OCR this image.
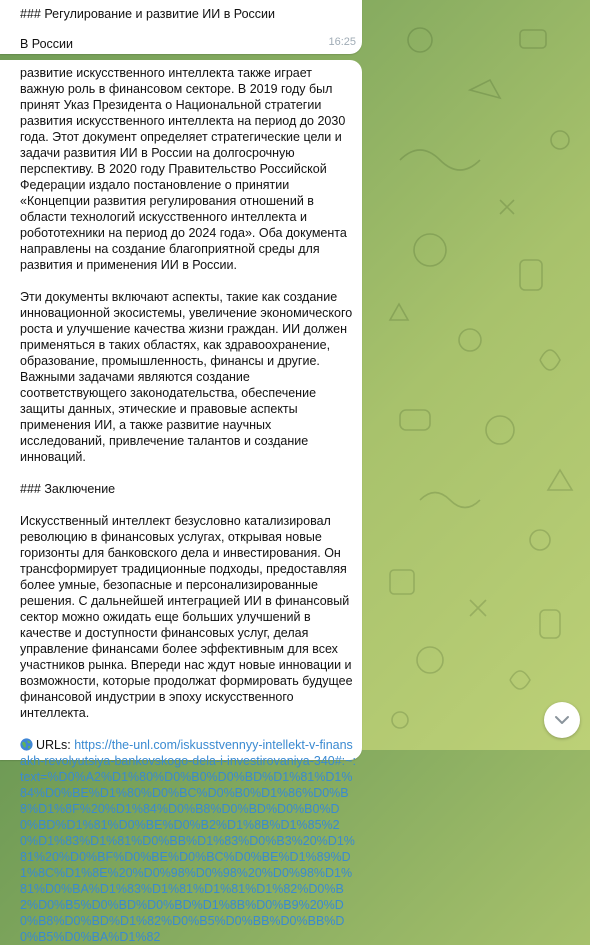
### Регулирование и развитие ИИ в России
В России	16:25

развитие искусственного интеллекта также играет важную роль в финансовом секторе. В 2019 году был принят Указ Президента о Национальной стратегии развития искусственного интеллекта на период до 2030 года. Этот документ определяет стратегические цели и задачи развития ИИ в России на долгосрочную перспективу. В 2020 году Правительство Российской Федерации издало постановление о принятии «Концепции развития регулирования отношений в области технологий искусственного интеллекта и робототехники на период до 2024 года». Оба документа направлены на создание благоприятной среды для развития и применения ИИ в России.

Эти документы включают аспекты, такие как создание инновационной экосистемы, увеличение экономического роста и улучшение качества жизни граждан. ИИ должен применяться в таких областях, как здравоохранение, образование, промышленность, финансы и другие. Важными задачами являются создание соответствующего законодательства, обеспечение защиты данных, этические и правовые аспекты применения ИИ, а также развитие научных исследований, привлечение талантов и создание инноваций.

### Заключение

Искусственный интеллект безусловно катализировал революцию в финансовых услугах, открывая новые горизонты для банковского дела и инвестирования. Он трансформирует традиционные подходы, предоставляя более умные, безопасные и персонализированные решения. С дальнейшей интеграцией ИИ в финансовый сектор можно ожидать еще больших улучшений в качестве и доступности финансовых услуг, делая управление финансами более эффективным для всех участников рынка. Впереди нас ждут новые инновации и возможности, которые продолжат формировать будущее финансовой индустрии в эпоху искусственного интеллекта.

URLs: https://the-unl.com/iskusstvennyy-intellekt-v-finansakh-revolyutsiya-bankovskogo-dela-i-investirovaniya-340#:~:text=%D0%A2%D1%80%D0%B0%D0%BD%D1%81%D1%84%D0%BE%D1%80%D0%BC%D0%B0%D1%86%D0%B8%D1%8F%20%D1%84%D0%B8%D0%BD%D0%B0%D0%BD%D1%81%D0%BE%D0%B2%D1%8B%D1%85%20%D1%83%D1%81%D0%BB%D1%83%D0%B3%20%D1%81%20%D0%BF%D0%BE%D0%BC%D0%BE%D1%89%D1%8C%D1%8E%20%D0%98%D0%98%20%D0%98%D1%81%D0%BA%D1%83%D1%81%D1%81%D1%82%D0%B2%D0%B5%D0%BD%D0%BD%D1%8B%D0%B9%20%D0%B8%D0%BD%D1%82%D0%B5%D0%BB%D0%BB%D0%B5%D0%BA%D1%82
